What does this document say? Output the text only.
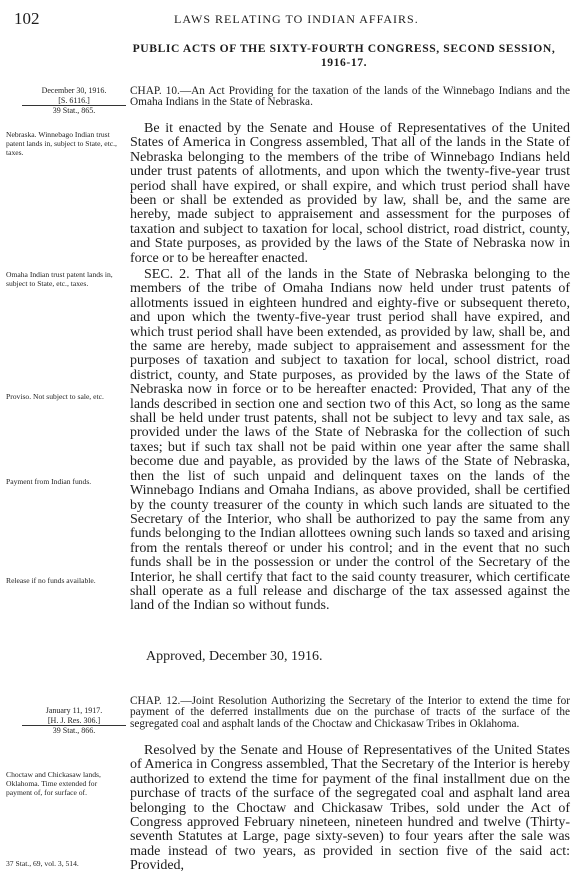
102	LAWS RELATING TO INDIAN AFFAIRS.
PUBLIC ACTS OF THE SIXTY-FOURTH CONGRESS, SECOND SESSION, 1916-17.
December 30, 1916.
[S. 6116.]
39 Stat., 865.
CHAP. 10.—An Act Providing for the taxation of the lands of the Winnebago Indians and the Omaha Indians in the State of Nebraska.
Be it enacted by the Senate and House of Representatives of the United States of America in Congress assembled, That all of the lands in the State of Nebraska belonging to the members of the tribe of Winnebago Indians held under trust patents of allotments, and upon which the twenty-five-year trust period shall have expired, or shall expire, and which trust period shall have been or shall be extended as provided by law, shall be, and the same are hereby, made subject to appraisement and assessment for the purposes of taxation and subject to taxation for local, school district, road district, county, and State purposes, as provided by the laws of the State of Nebraska now in force or to be hereafter enacted.
SEC. 2. That all of the lands in the State of Nebraska belonging to the members of the tribe of Omaha Indians now held under trust patents of allotments issued in eighteen hundred and eighty-five or subsequent thereto, and upon which the twenty-five-year trust period shall have expired, and which trust period shall have been extended, as provided by law, shall be, and the same are hereby, made subject to appraisement and assessment for the purposes of taxation and subject to taxation for local, school district, road district, county, and State purposes, as provided by the laws of the State of Nebraska now in force or to be hereafter enacted: Provided, That any of the lands described in section one and section two of this Act, so long as the same shall be held under trust patents, shall not be subject to levy and tax sale, as provided under the laws of the State of Nebraska for the collection of such taxes; but if such tax shall not be paid within one year after the same shall become due and payable, as provided by the laws of the State of Nebraska, then the list of such unpaid and delinquent taxes on the lands of the Winnebago Indians and Omaha Indians, as above provided, shall be certified by the county treasurer of the county in which such lands are situated to the Secretary of the Interior, who shall be authorized to pay the same from any funds belonging to the Indian allottees owning such lands so taxed and arising from the rentals thereof or under his control; and in the event that no such funds shall be in the possession or under the control of the Secretary of the Interior, he shall certify that fact to the said county treasurer, which certificate shall operate as a full release and discharge of the tax assessed against the land of the Indian so without funds.
Approved, December 30, 1916.
Nebraska. Winnebago Indian trust patent lands in, subject to State, etc., taxes.
Omaha Indian trust patent lands in, subject to State, etc., taxes.
Proviso. Not subject to sale, etc.
Payment from Indian funds.
Release if no funds available.
January 11, 1917.
[H. J. Res. 306.]
39 Stat., 866.
CHAP. 12.—Joint Resolution Authorizing the Secretary of the Interior to extend the time for payment of the deferred installments due on the purchase of tracts of the surface of the segregated coal and asphalt lands of the Choctaw and Chickasaw Tribes in Oklahoma.
Resolved by the Senate and House of Representatives of the United States of America in Congress assembled, That the Secretary of the Interior is hereby authorized to extend the time for payment of the final installment due on the purchase of tracts of the surface of the segregated coal and asphalt land area belonging to the Choctaw and Chickasaw Tribes, sold under the Act of Congress approved February nineteen, nineteen hundred and twelve (Thirty-seventh Statutes at Large, page sixty-seven) to four years after the sale was made instead of two years, as provided in section five of the said act: Provided,
Choctaw and Chickasaw lands, Oklahoma. Time extended for payment of, for surface of.
37 Stat., 69, vol. 3, 514.
